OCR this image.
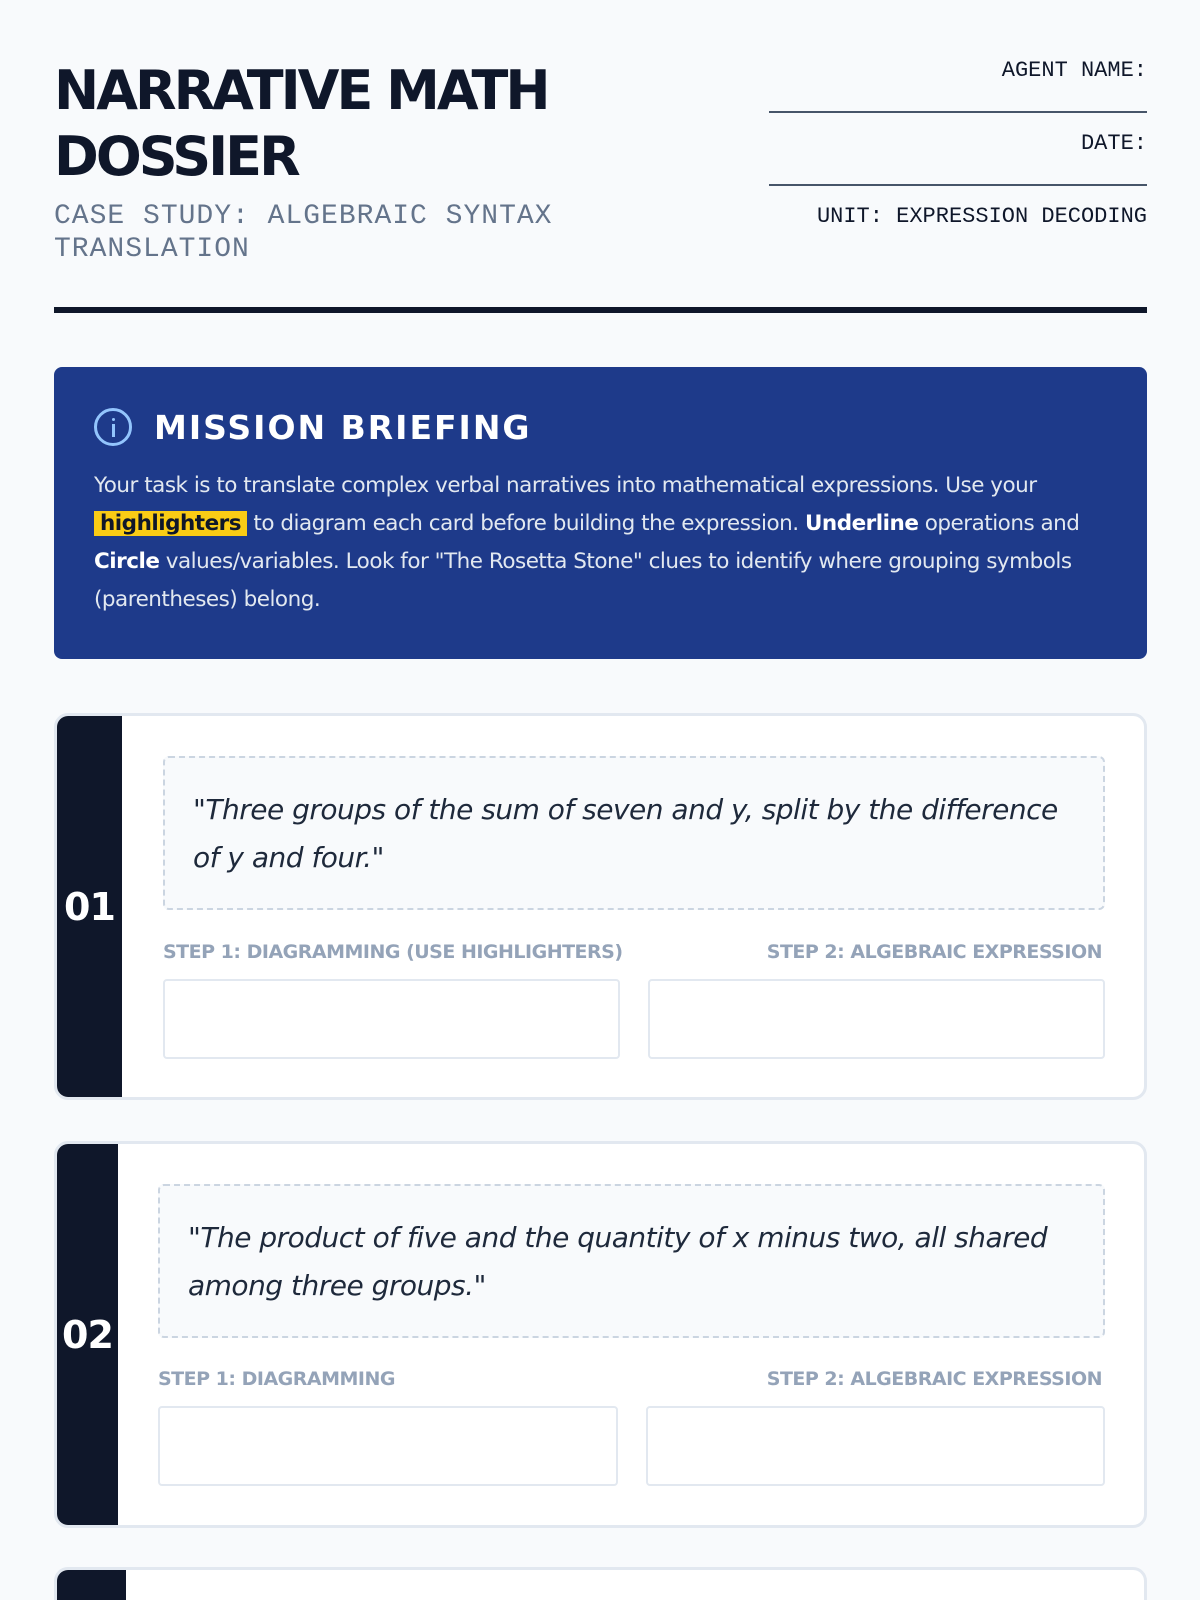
NARRATIVE MATH DOSSIER
CASE STUDY: ALGEBRAIC SYNTAX TRANSLATION
AGENT NAME:
DATE:
UNIT: EXPRESSION DECODING
MISSION BRIEFING

Your task is to translate complex verbal narratives into mathematical expressions. Use your highlighters to diagram each card before building the expression. Underline operations and Circle values/variables. Look for "The Rosetta Stone" clues to identify where grouping symbols (parentheses) belong.

01
"Three groups of the sum of seven and y, split by the difference of y and four."
STEP 1: DIAGRAMMING (USE HIGHLIGHTERS)	STEP 2: ALGEBRAIC EXPRESSION
02
"The product of five and the quantity of x minus two, all shared among three groups."
STEP 1: DIAGRAMMING	STEP 2: ALGEBRAIC EXPRESSION
